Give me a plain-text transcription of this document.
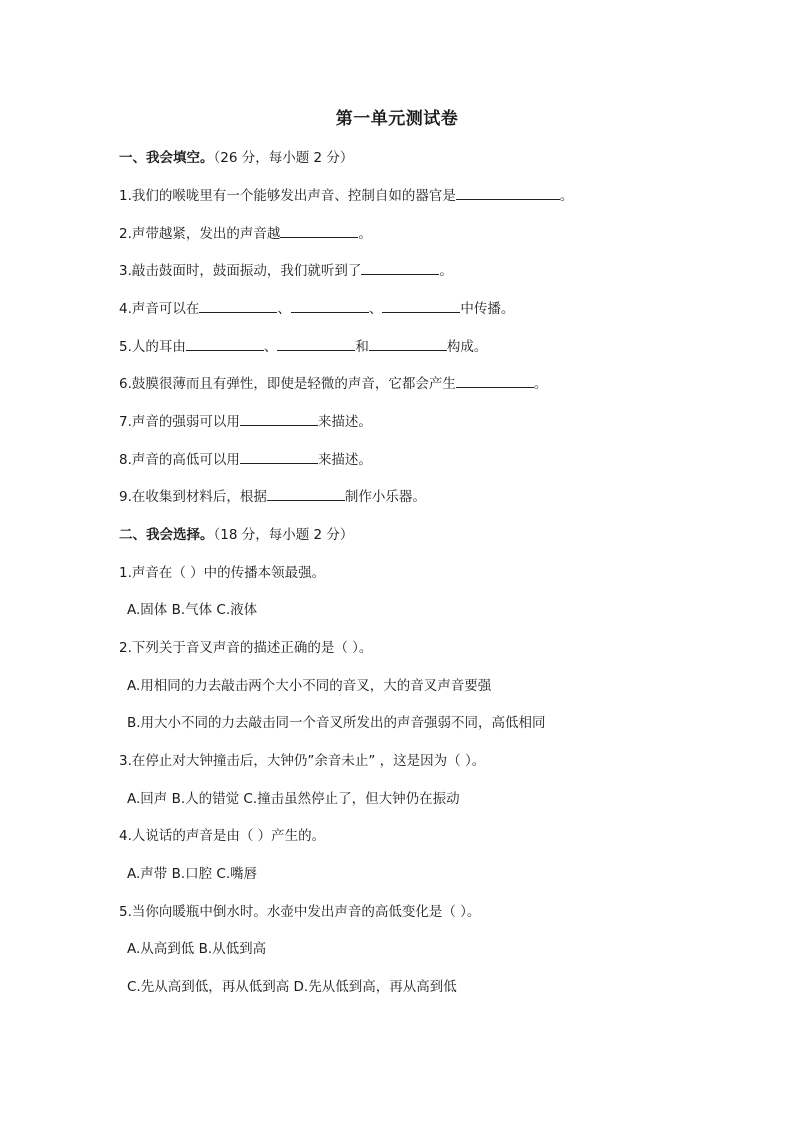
第一单元测试卷
一、我会填空。（26 分，每小题 2 分）
1.我们的喉咙里有一个能够发出声音、控制自如的器官是	。
2.声带越紧，发出的声音越	。
3.敲击鼓面时，鼓面振动，我们就听到了	。
4.声音可以在	、	、	中传播。
5.人的耳由	、	和	构成。
6.鼓膜很薄而且有弹性，即使是轻微的声音，它都会产生	。
7.声音的强弱可以用	来描述。
8.声音的高低可以用	来描述。
9.在收集到材料后，根据	制作小乐器。
二、我会选择。（18 分，每小题 2 分）
1.声音在（ ）中的传播本领最强。
A.固体 B.气体 C.液体
2.下列关于音叉声音的描述正确的是（ ）。
A.用相同的力去敲击两个大小不同的音叉，大的音叉声音要强
B.用大小不同的力去敲击同一个音叉所发出的声音强弱不同，高低相同
3.在停止对大钟撞击后，大钟仍”余音未止” ，这是因为（ ）。
A.回声 B.人的错觉 C.撞击虽然停止了，但大钟仍在振动
4.人说话的声音是由（ ）产生的。
A.声带 B.口腔 C.嘴唇
5.当你向暖瓶中倒水时。水壶中发出声音的高低变化是（ ）。
A.从高到低 B.从低到高
C.先从高到低，再从低到高 D.先从低到高，再从高到低
